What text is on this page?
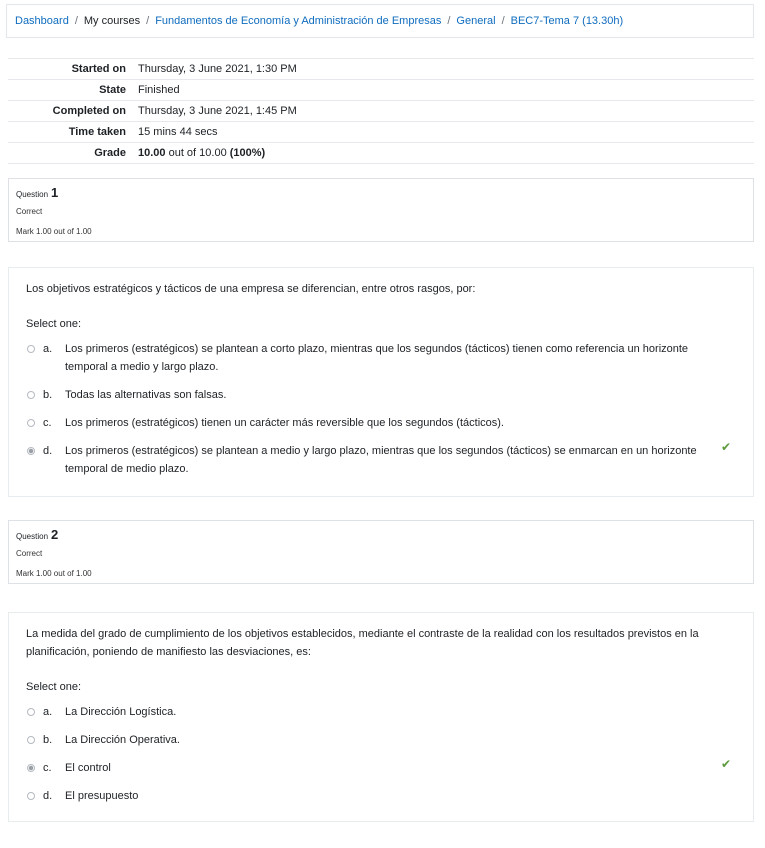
Dashboard / My courses / Fundamentos de Economía y Administración de Empresas / General / BEC7-Tema 7 (13.30h)
Started on	Thursday, 3 June 2021, 1:30 PM
State	Finished
Completed on	Thursday, 3 June 2021, 1:45 PM
Time taken	15 mins 44 secs
Grade	10.00 out of 10.00 (100%)
Question 1
Correct
Mark 1.00 out of 1.00
Los objetivos estratégicos y tácticos de una empresa se diferencian, entre otros rasgos, por:
Select one:
a.	Los primeros (estratégicos) se plantean a corto plazo, mientras que los segundos (tácticos) tienen como referencia un horizonte temporal a medio y largo plazo.
b.	Todas las alternativas son falsas.
c.	Los primeros (estratégicos) tienen un carácter más reversible que los segundos (tácticos).
d.	Los primeros (estratégicos) se plantean a medio y largo plazo, mientras que los segundos (tácticos) se enmarcan en un horizonte temporal de medio plazo.
✔
Question 2
Correct
Mark 1.00 out of 1.00
La medida del grado de cumplimiento de los objetivos establecidos, mediante el contraste de la realidad con los resultados previstos en la planificación, poniendo de manifiesto las desviaciones, es:
Select one:
a.	La Dirección Logística.
b.	La Dirección Operativa.
c.	El control
d.	El presupuesto
✔
